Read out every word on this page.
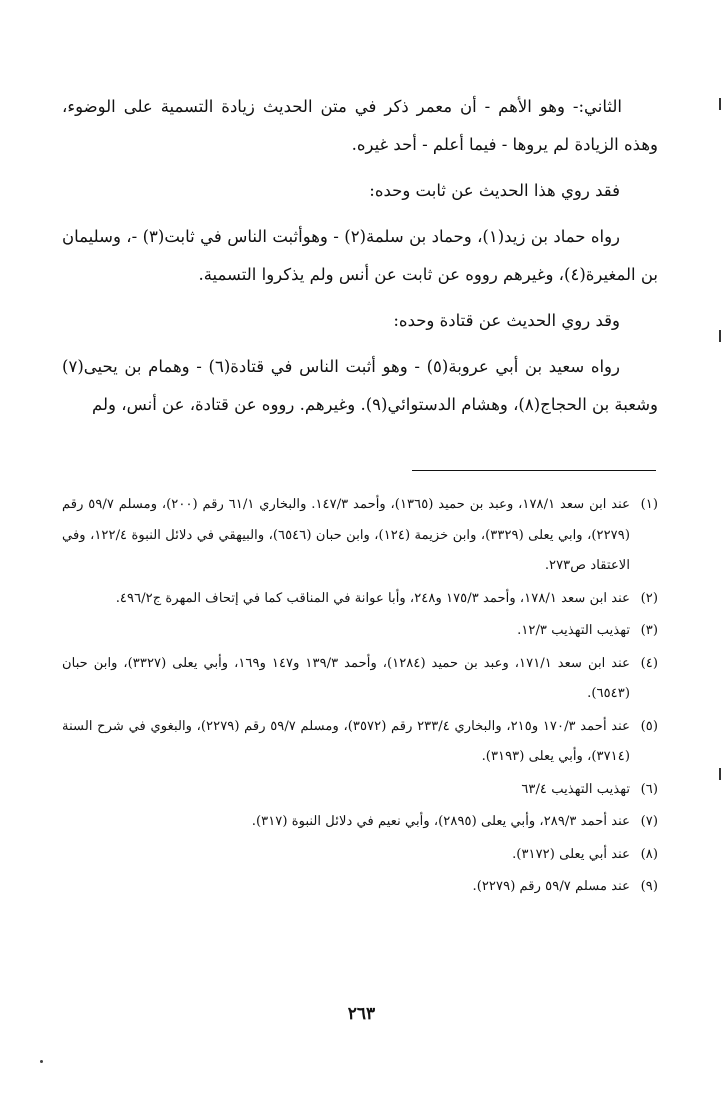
الثاني:- وهو الأهم - أن معمر ذكر في متن الحديث زيادة التسمية على الوضوء، وهذه الزيادة لم يروها - فيما أعلم - أحد غيره.

فقد روي هذا الحديث عن ثابت وحده:

رواه حماد بن زيد(١)، وحماد بن سلمة(٢) - وهوأثبت الناس في ثابت(٣) -، وسليمان بن المغيرة(٤)، وغيرهم رووه عن ثابت عن أنس ولم يذكروا التسمية.

وقد روي الحديث عن قتادة وحده:

رواه سعيد بن أبي عروبة(٥) - وهو أثبت الناس في قتادة(٦) - وهمام بن يحيى(٧) وشعبة بن الحجاج(٨)، وهشام الدستوائي(٩). وغيرهم. رووه عن قتادة، عن أنس، ولم

(١)عند ابن سعد ١٧٨/١، وعبد بن حميد (١٣٦٥)، وأحمد ١٤٧/٣. والبخاري ٦١/١ رقم (٢٠٠)، ومسلم ٥٩/٧ رقم (٢٢٧٩)، وابي يعلى (٣٣٢٩)، وابن خزيمة (١٢٤)، وابن حبان (٦٥٤٦)، والبيهقي في دلائل النبوة ١٢٢/٤، وفي الاعتقاد ص٢٧٣.
(٢)عند ابن سعد ١٧٨/١، وأحمد ١٧٥/٣ و٢٤٨، وأبا عوانة في المناقب كما في إتحاف المهرة ج٤٩٦/٢.
(٣)تهذيب التهذيب ١٢/٣.
(٤)عند ابن سعد ١٧١/١، وعبد بن حميد (١٢٨٤)، وأحمد ١٣٩/٣ و١٤٧ و١٦٩، وأبي يعلى (٣٣٢٧)، وابن حبان (٦٥٤٣).
(٥)عند أحمد ١٧٠/٣ و٢١٥، والبخاري ٢٣٣/٤ رقم (٣٥٧٢)، ومسلم ٥٩/٧ رقم (٢٢٧٩)، والبغوي في شرح السنة (٣٧١٤)، وأبي يعلى (٣١٩٣).
(٦)تهذيب التهذيب ٦٣/٤
(٧)عند أحمد ٢٨٩/٣، وأبي يعلى (٢٨٩٥)، وأبي نعيم في دلائل النبوة (٣١٧).
(٨)عند أبي يعلى (٣١٧٢).
(٩)عند مسلم ٥٩/٧ رقم (٢٢٧٩).
٢٦٣
